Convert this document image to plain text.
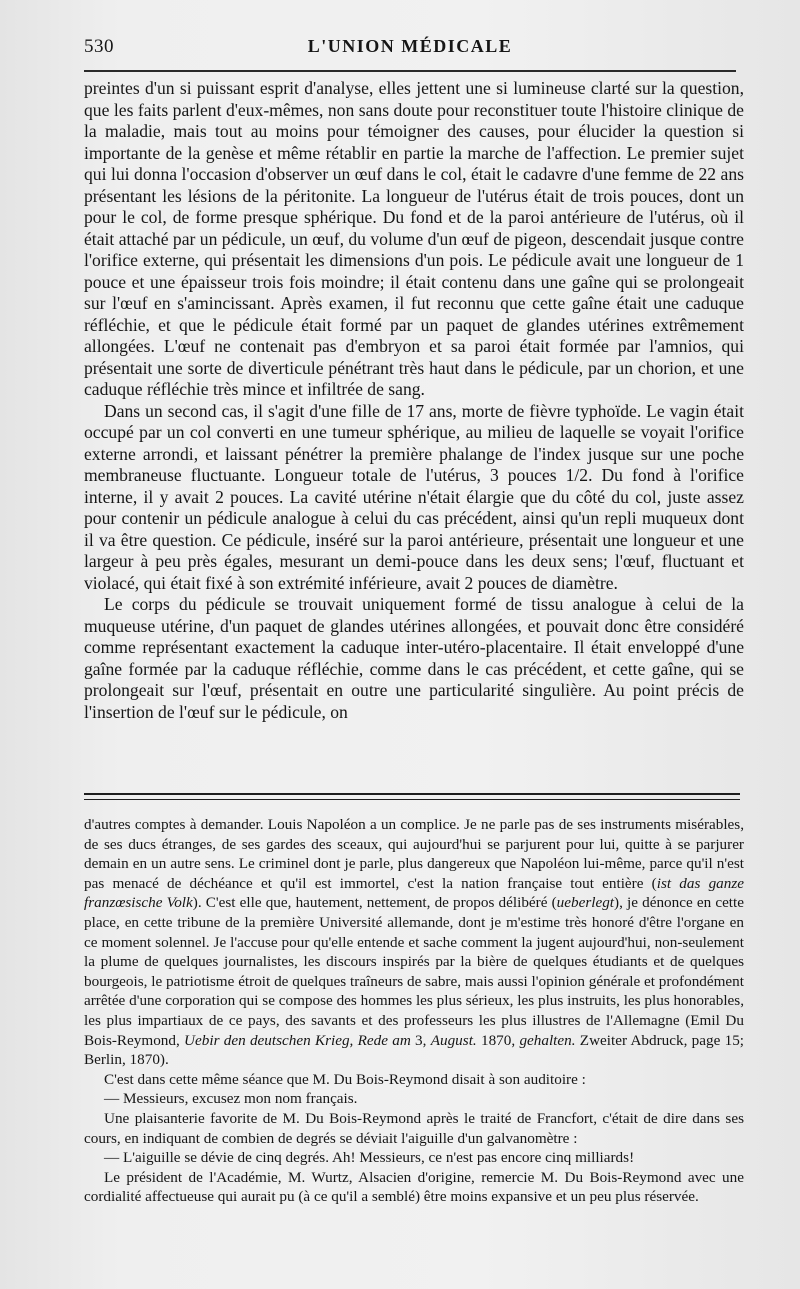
530	L'UNION MÉDICALE

preintes d'un si puissant esprit d'analyse, elles jettent une si lumineuse clarté sur la question, que les faits parlent d'eux-mêmes, non sans doute pour reconstituer toute l'histoire clinique de la maladie, mais tout au moins pour témoigner des causes, pour élucider la question si importante de la genèse et même rétablir en partie la marche de l'affection. Le premier sujet qui lui donna l'occasion d'observer un œuf dans le col, était le cadavre d'une femme de 22 ans présentant les lésions de la péritonite. La longueur de l'utérus était de trois pouces, dont un pour le col, de forme presque sphérique. Du fond et de la paroi antérieure de l'utérus, où il était attaché par un pédicule, un œuf, du volume d'un œuf de pigeon, descendait jusque contre l'orifice externe, qui présentait les dimensions d'un pois. Le pédicule avait une longueur de 1 pouce et une épaisseur trois fois moindre; il était contenu dans une gaîne qui se prolongeait sur l'œuf en s'amincissant. Après examen, il fut reconnu que cette gaîne était une caduque réfléchie, et que le pédicule était formé par un paquet de glandes utérines extrêmement allongées. L'œuf ne contenait pas d'embryon et sa paroi était formée par l'amnios, qui présentait une sorte de diverticule pénétrant très haut dans le pédicule, par un chorion, et une caduque réfléchie très mince et infiltrée de sang.

Dans un second cas, il s'agit d'une fille de 17 ans, morte de fièvre typhoïde. Le vagin était occupé par un col converti en une tumeur sphérique, au milieu de laquelle se voyait l'orifice externe arrondi, et laissant pénétrer la première phalange de l'index jusque sur une poche membraneuse fluctuante. Longueur totale de l'utérus, 3 pouces 1/2. Du fond à l'orifice interne, il y avait 2 pouces. La cavité utérine n'était élargie que du côté du col, juste assez pour contenir un pédicule analogue à celui du cas précédent, ainsi qu'un repli muqueux dont il va être question. Ce pédicule, inséré sur la paroi antérieure, présentait une longueur et une largeur à peu près égales, mesurant un demi-pouce dans les deux sens; l'œuf, fluctuant et violacé, qui était fixé à son extrémité inférieure, avait 2 pouces de diamètre.

Le corps du pédicule se trouvait uniquement formé de tissu analogue à celui de la muqueuse utérine, d'un paquet de glandes utérines allongées, et pouvait donc être considéré comme représentant exactement la caduque inter-utéro-placentaire. Il était enveloppé d'une gaîne formée par la caduque réfléchie, comme dans le cas précédent, et cette gaîne, qui se prolongeait sur l'œuf, présentait en outre une particularité singulière. Au point précis de l'insertion de l'œuf sur le pédicule, on

d'autres comptes à demander. Louis Napoléon a un complice. Je ne parle pas de ses instruments misérables, de ses ducs étranges, de ses gardes des sceaux, qui aujourd'hui se parjurent pour lui, quitte à se parjurer demain en un autre sens. Le criminel dont je parle, plus dangereux que Napoléon lui-même, parce qu'il n'est pas menacé de déchéance et qu'il est immortel, c'est la nation française tout entière (ist das ganze franzœsische Volk). C'est elle que, hautement, nettement, de propos délibéré (ueberlegt), je dénonce en cette place, en cette tribune de la première Université allemande, dont je m'estime très honoré d'être l'organe en ce moment solennel. Je l'accuse pour qu'elle entende et sache comment la jugent aujourd'hui, non-seulement la plume de quelques journalistes, les discours inspirés par la bière de quelques étudiants et de quelques bourgeois, le patriotisme étroit de quelques traîneurs de sabre, mais aussi l'opinion générale et profondément arrêtée d'une corporation qui se compose des hommes les plus sérieux, les plus instruits, les plus honorables, les plus impartiaux de ce pays, des savants et des professeurs les plus illustres de l'Allemagne (Emil Du Bois-Reymond, Uebir den deutschen Krieg, Rede am 3, August. 1870, gehalten. Zweiter Abdruck, page 15; Berlin, 1870).

C'est dans cette même séance que M. Du Bois-Reymond disait à son auditoire :

— Messieurs, excusez mon nom français.

Une plaisanterie favorite de M. Du Bois-Reymond après le traité de Francfort, c'était de dire dans ses cours, en indiquant de combien de degrés se déviait l'aiguille d'un galvanomètre :

— L'aiguille se dévie de cinq degrés. Ah! Messieurs, ce n'est pas encore cinq milliards!

Le président de l'Académie, M. Wurtz, Alsacien d'origine, remercie M. Du Bois-Reymond avec une cordialité affectueuse qui aurait pu (à ce qu'il a semblé) être moins expansive et un peu plus réservée.
